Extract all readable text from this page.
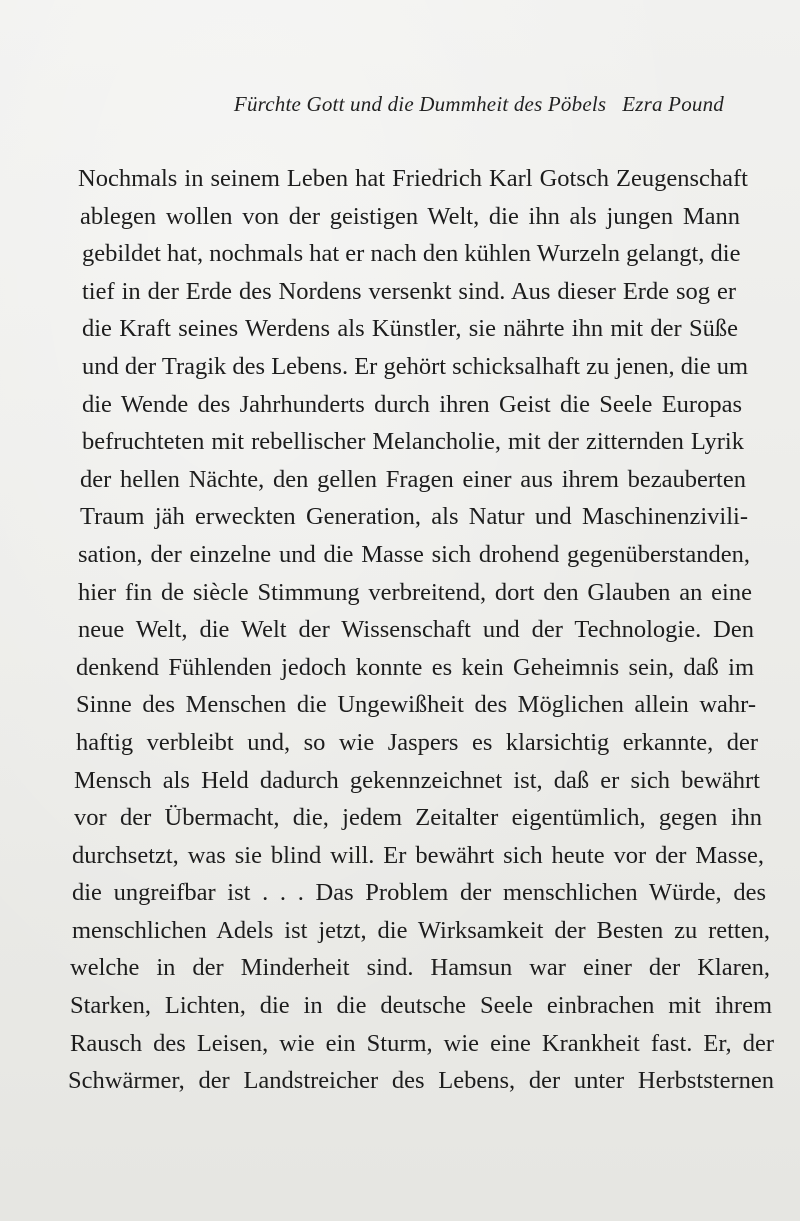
Fürchte Gott und die Dummheit des Pöbels Ezra Pound
Nochmals in seinem Leben hat Friedrich Karl Gotsch Zeugenschaft
ablegen wollen von der geistigen Welt, die ihn als jungen Mann
gebildet hat, nochmals hat er nach den kühlen Wurzeln gelangt, die
tief in der Erde des Nordens versenkt sind. Aus dieser Erde sog er
die Kraft seines Werdens als Künstler, sie nährte ihn mit der Süße
und der Tragik des Lebens. Er gehört schicksalhaft zu jenen, die um
die Wende des Jahrhunderts durch ihren Geist die Seele Europas
befruchteten mit rebellischer Melancholie, mit der zitternden Lyrik
der hellen Nächte, den gellen Fragen einer aus ihrem bezauberten
Traum jäh erweckten Generation, als Natur und Maschinenzivili-
sation, der einzelne und die Masse sich drohend gegenüberstanden,
hier fin de siècle Stimmung verbreitend, dort den Glauben an eine
neue Welt, die Welt der Wissenschaft und der Technologie. Den
denkend Fühlenden jedoch konnte es kein Geheimnis sein, daß im
Sinne des Menschen die Ungewißheit des Möglichen allein wahr-
haftig verbleibt und, so wie Jaspers es klarsichtig erkannte, der
Mensch als Held dadurch gekennzeichnet ist, daß er sich bewährt
vor der Übermacht, die, jedem Zeitalter eigentümlich, gegen ihn
durchsetzt, was sie blind will. Er bewährt sich heute vor der Masse,
die ungreifbar ist . . . Das Problem der menschlichen Würde, des
menschlichen Adels ist jetzt, die Wirksamkeit der Besten zu retten,
welche in der Minderheit sind. Hamsun war einer der Klaren,
Starken, Lichten, die in die deutsche Seele einbrachen mit ihrem
Rausch des Leisen, wie ein Sturm, wie eine Krankheit fast. Er, der
Schwärmer, der Landstreicher des Lebens, der unter Herbststernen
